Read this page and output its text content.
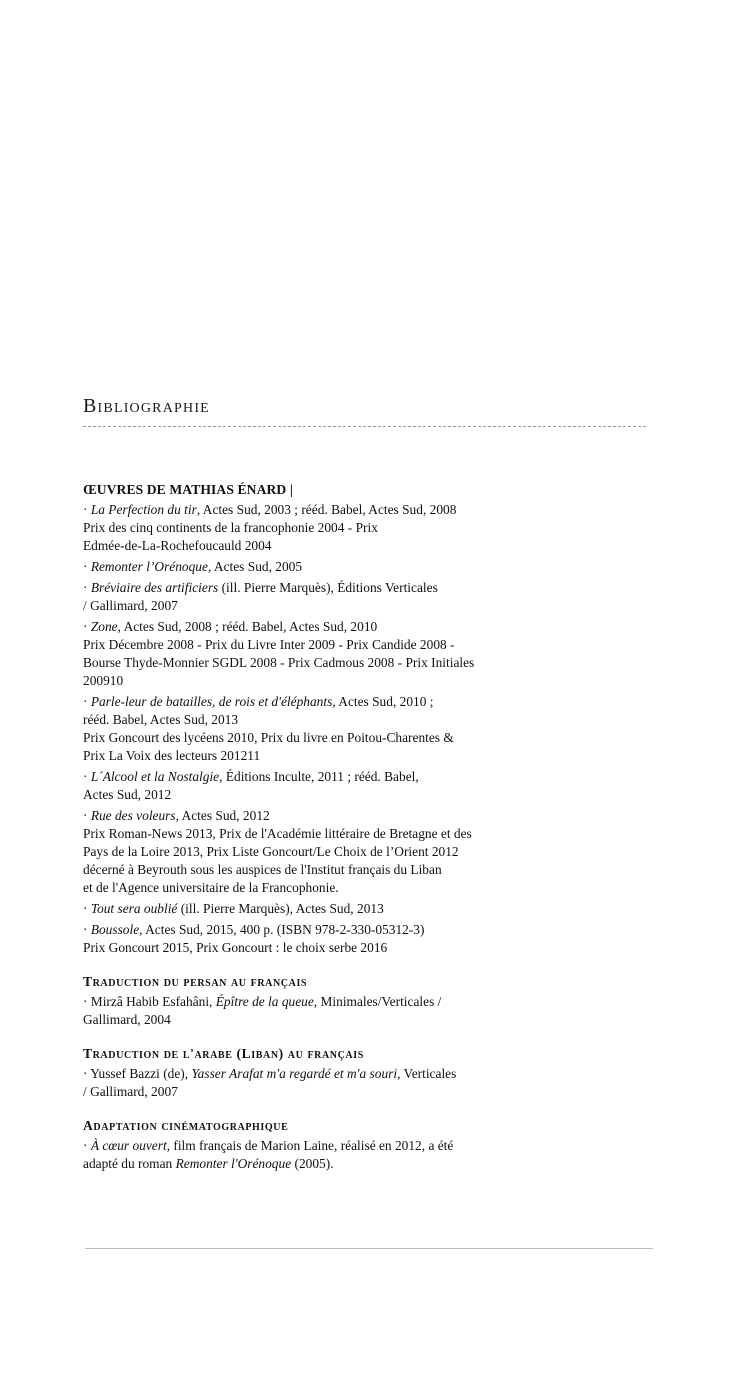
Bibliographie
ŒUVRES DE MATHIAS ÉNARD |
· La Perfection du tir, Actes Sud, 2003 ; rééd. Babel, Actes Sud, 2008
Prix des cinq continents de la francophonie 2004 - Prix
Edmée-de-La-Rochefoucauld 2004
· Remonter l’Orénoque, Actes Sud, 2005
· Bréviaire des artificiers (ill. Pierre Marquès), Éditions Verticales
/ Gallimard, 2007
· Zone, Actes Sud, 2008 ; rééd. Babel, Actes Sud, 2010
Prix Décembre 2008 - Prix du Livre Inter 2009 - Prix Candide 2008 -
Bourse Thyde-Monnier SGDL 2008 - Prix Cadmous 2008 - Prix Initiales
200910
· Parle-leur de batailles, de rois et d'éléphants, Actes Sud, 2010 ;
rééd. Babel, Actes Sud, 2013
Prix Goncourt des lycéens 2010, Prix du livre en Poitou-Charentes &
Prix La Voix des lecteurs 201211
· L´Alcool et la Nostalgie, Éditions Inculte, 2011 ; rééd. Babel,
Actes Sud, 2012
· Rue des voleurs, Actes Sud, 2012
Prix Roman-News 2013, Prix de l'Académie littéraire de Bretagne et des
Pays de la Loire 2013, Prix Liste Goncourt/Le Choix de l’Orient 2012
décerné à Beyrouth sous les auspices de l'Institut français du Liban
et de l'Agence universitaire de la Francophonie.
· Tout sera oublié (ill. Pierre Marquès), Actes Sud, 2013
· Boussole, Actes Sud, 2015, 400 p. (ISBN 978-2-330-05312-3)
Prix Goncourt 2015, Prix Goncourt : le choix serbe 2016
Traduction du persan au français
· Mirzâ Habib Esfahâni, Épître de la queue, Minimales/Verticales /
Gallimard, 2004
Traduction de l'arabe (Liban) au français
· Yussef Bazzi (de), Yasser Arafat m'a regardé et m'a souri, Verticales
/ Gallimard, 2007
Adaptation cinématographique
· À cœur ouvert, film français de Marion Laine, réalisé en 2012, a été
adapté du roman Remonter l'Orénoque (2005).
